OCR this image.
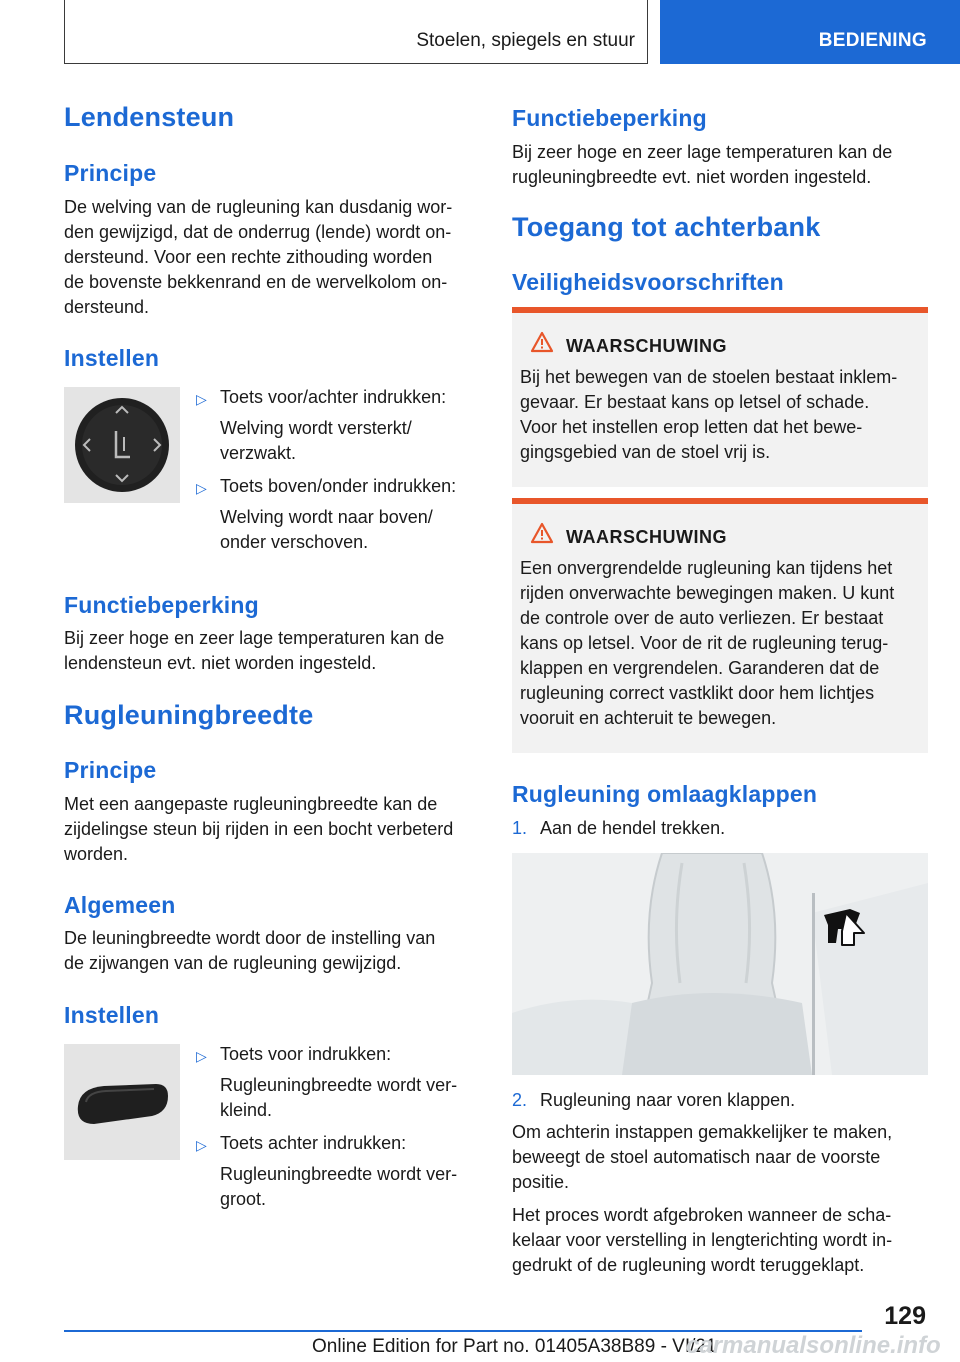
Stoelen, spiegels en stuur	BEDIENING
Lendensteun
Principe
De welving van de rugleuning kan dusdanig wor-
den gewijzigd, dat de onderrug (lende) wordt on-
dersteund. Voor een rechte zithouding worden
de bovenste bekkenrand en de wervelkolom on-
dersteund.
Instellen
▷ Toets voor/achter indrukken:
Welving wordt versterkt/
verzwakt.
▷ Toets boven/onder indrukken:
Welving wordt naar boven/
onder verschoven.
Functiebeperking
Bij zeer hoge en zeer lage temperaturen kan de
lendensteun evt. niet worden ingesteld.
Rugleuningbreedte
Principe
Met een aangepaste rugleuningbreedte kan de
zijdelingse steun bij rijden in een bocht verbeterd
worden.
Algemeen
De leuningbreedte wordt door de instelling van
de zijwangen van de rugleuning gewijzigd.
Instellen
▷ Toets voor indrukken:
Rugleuningbreedte wordt ver-
kleind.
▷ Toets achter indrukken:
Rugleuningbreedte wordt ver-
groot.
Functiebeperking
Bij zeer hoge en zeer lage temperaturen kan de
rugleuningbreedte evt. niet worden ingesteld.
Toegang tot achterbank
Veiligheidsvoorschriften
WAARSCHUWING
Bij het bewegen van de stoelen bestaat inklem-
gevaar. Er bestaat kans op letsel of schade.
Voor het instellen erop letten dat het bewe-
gingsgebied van de stoel vrij is.
WAARSCHUWING
Een onvergrendelde rugleuning kan tijdens het
rijden onverwachte bewegingen maken. U kunt
de controle over de auto verliezen. Er bestaat
kans op letsel. Voor de rit de rugleuning terug-
klappen en vergrendelen. Garanderen dat de
rugleuning correct vastklikt door hem lichtjes
vooruit en achteruit te bewegen.
Rugleuning omlaagklappen
1. Aan de hendel trekken.
2. Rugleuning naar voren klappen.
Om achterin instappen gemakkelijker te maken,
beweegt de stoel automatisch naar de voorste
positie.
Het proces wordt afgebroken wanneer de scha-
kelaar voor verstelling in lengterichting wordt in-
gedrukt of de rugleuning wordt teruggeklapt.
129
Online Edition for Part no. 01405A38B89 - VI/21
carmanualsonline.info
